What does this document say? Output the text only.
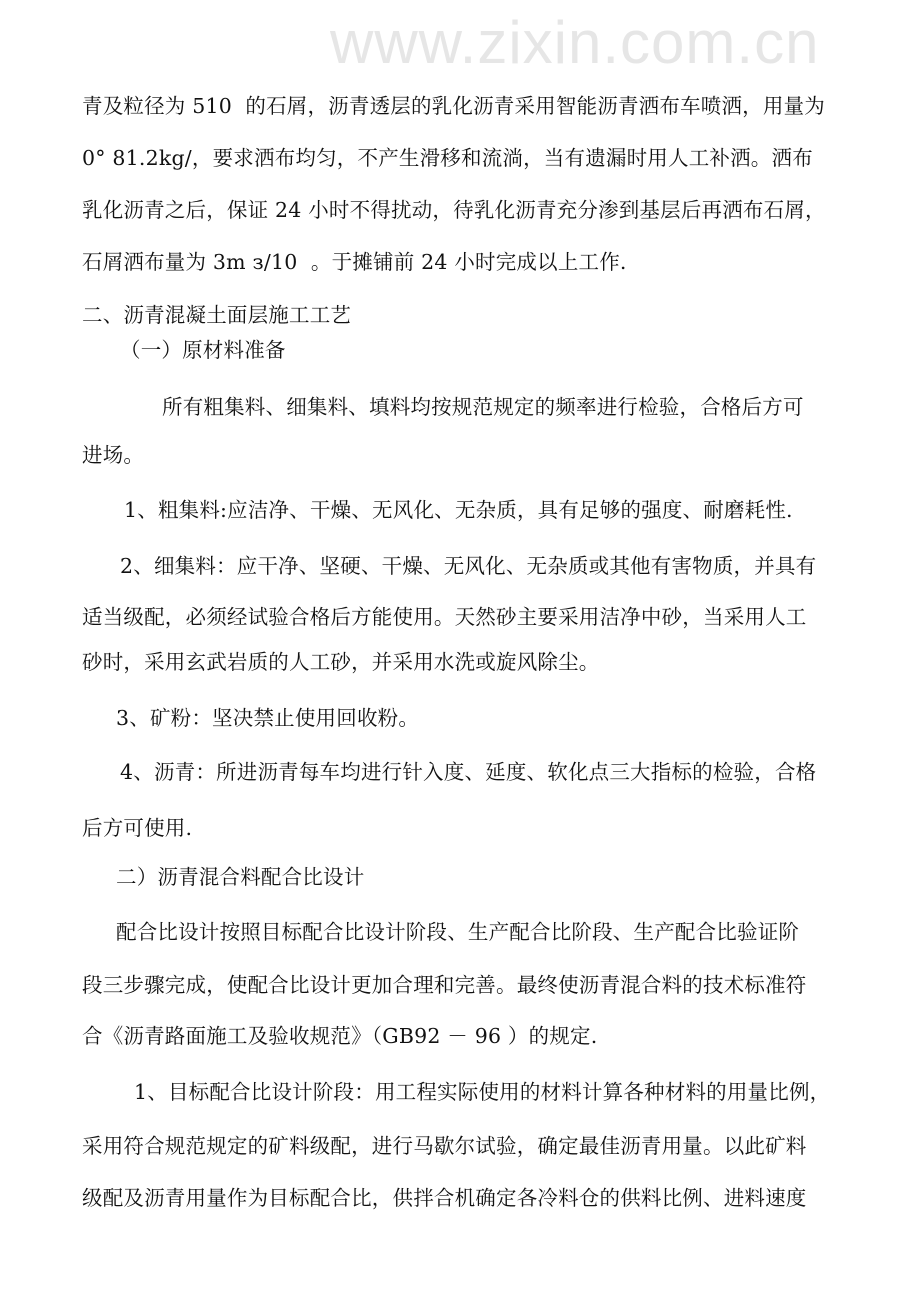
www.zixin.com.cn
青及粒径为 510  的石屑，沥青透层的乳化沥青采用智能沥青洒布车喷洒，用量为
0° 81.2kg/，要求洒布均匀，不产生滑移和流淌，当有遗漏时用人工补洒。洒布
乳化沥青之后，保证 24 小时不得扰动，待乳化沥青充分渗到基层后再洒布石屑，
石屑洒布量为 3m з/10  。于摊铺前 24 小时完成以上工作.
二、沥青混凝土面层施工工艺
（一）原材料准备
所有粗集料、细集料、填料均按规范规定的频率进行检验，合格后方可
进场。
1、粗集料:应洁净、干燥、无风化、无杂质，具有足够的强度、耐磨耗性.
2、细集料：应干净、坚硬、干燥、无风化、无杂质或其他有害物质，并具有
适当级配，必须经试验合格后方能使用。天然砂主要采用洁净中砂，当采用人工
砂时，采用玄武岩质的人工砂，并采用水洗或旋风除尘。
3、矿粉：坚决禁止使用回收粉。
4、沥青：所进沥青每车均进行针入度、延度、软化点三大指标的检验，合格
后方可使用.
二）沥青混合料配合比设计
配合比设计按照目标配合比设计阶段、生产配合比阶段、生产配合比验证阶
段三步骤完成，使配合比设计更加合理和完善。最终使沥青混合料的技术标准符
合《沥青路面施工及验收规范》（GB92 － 96 ）的规定.
1、目标配合比设计阶段：用工程实际使用的材料计算各种材料的用量比例，
采用符合规范规定的矿料级配，进行马歇尔试验，确定最佳沥青用量。以此矿料
级配及沥青用量作为目标配合比，供拌合机确定各冷料仓的供料比例、进料速度
